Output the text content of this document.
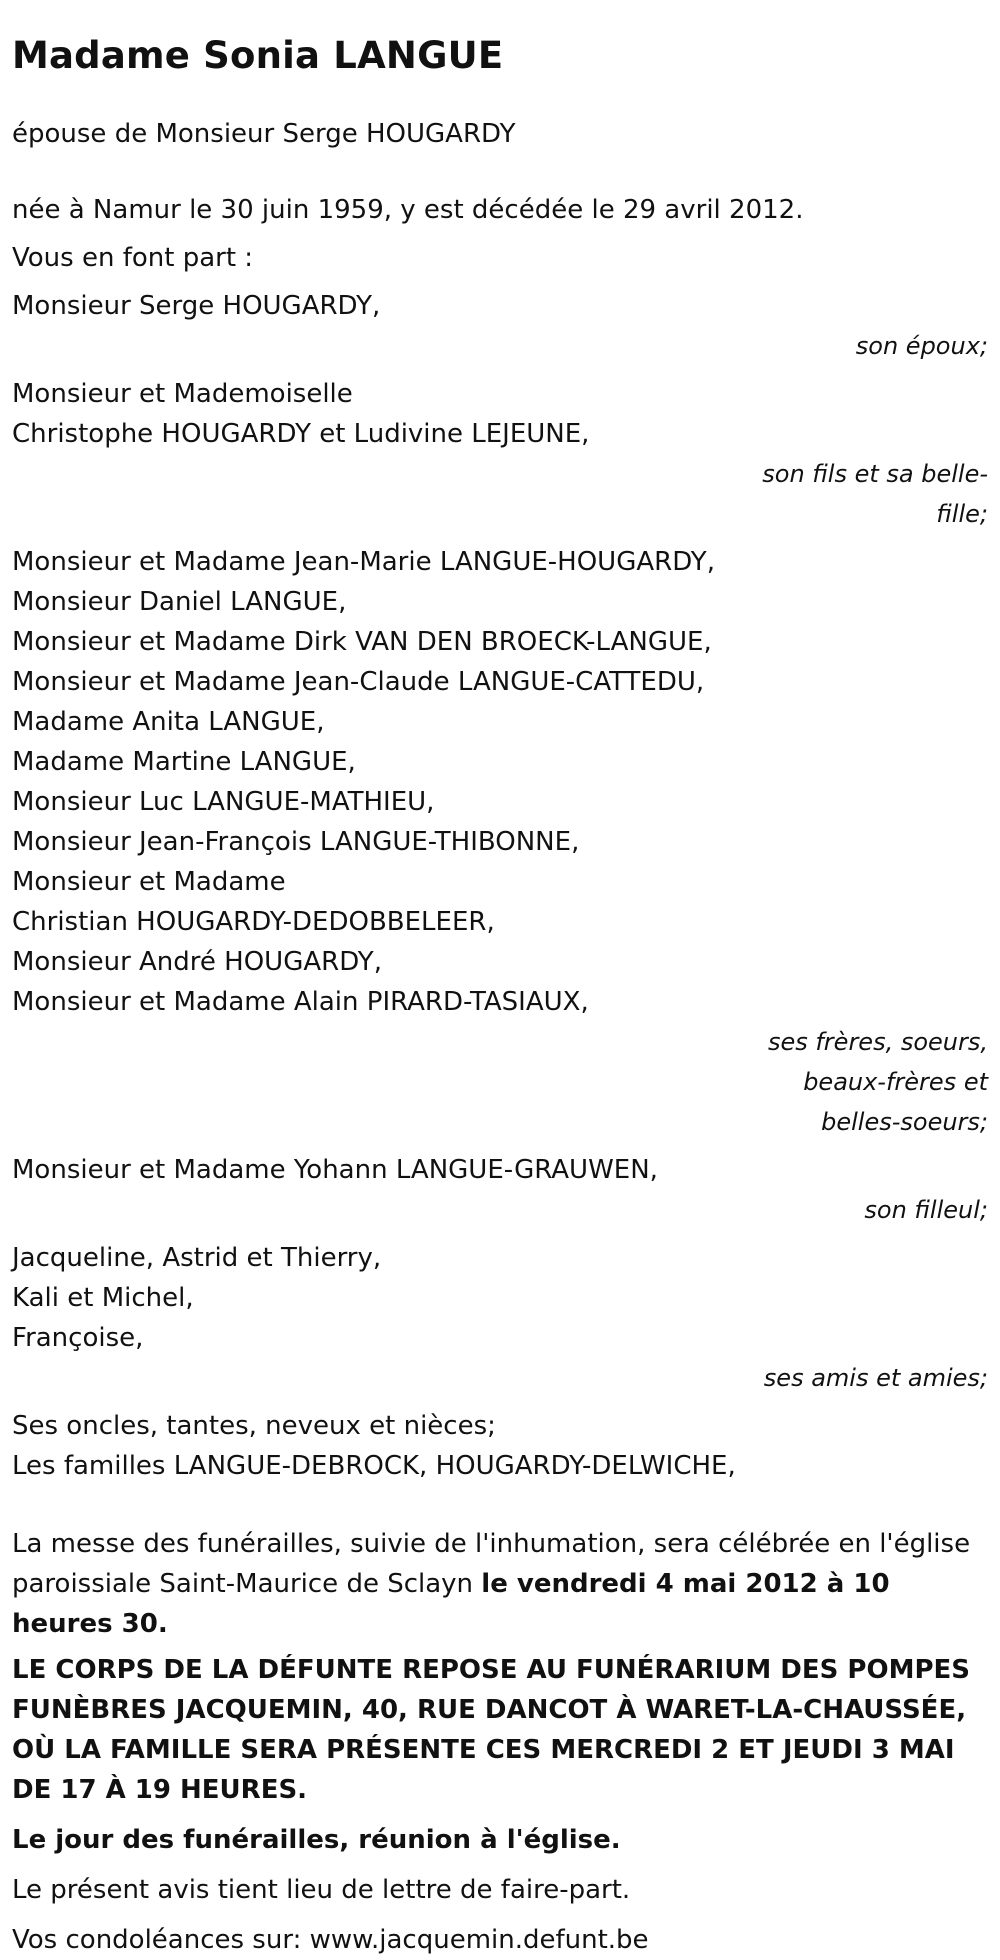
Madame Sonia LANGUE

épouse de Monsieur Serge HOUGARDY

née à Namur le 30 juin 1959, y est décédée le 29 avril 2012.

Vous en font part :

Monsieur Serge HOUGARDY,

son époux;

Monsieur et Mademoiselle

Christophe HOUGARDY et Ludivine LEJEUNE,

son fils et sa belle-fille;

Monsieur et Madame Jean-Marie LANGUE-HOUGARDY,

Monsieur Daniel LANGUE,

Monsieur et Madame Dirk VAN DEN BROECK-LANGUE,

Monsieur et Madame Jean-Claude LANGUE-CATTEDU,

Madame Anita LANGUE,

Madame Martine LANGUE,

Monsieur Luc LANGUE-MATHIEU,

Monsieur Jean-François LANGUE-THIBONNE,

Monsieur et Madame

Christian HOUGARDY-DEDOBBELEER,

Monsieur André HOUGARDY,

Monsieur et Madame Alain PIRARD-TASIAUX,

ses frères, soeurs, beaux-frères et belles-soeurs;

Monsieur et Madame Yohann LANGUE-GRAUWEN,

son filleul;

Jacqueline, Astrid et Thierry,

Kali et Michel,

Françoise,

ses amis et amies;

Ses oncles, tantes, neveux et nièces;

Les familles LANGUE-DEBROCK, HOUGARDY-DELWICHE,

La messe des funérailles, suivie de l'inhumation, sera célébrée en l'église paroissiale Saint-Maurice de Sclayn le vendredi 4 mai 2012 à 10 heures 30.

LE CORPS DE LA DÉFUNTE REPOSE AU FUNÉRARIUM DES POMPES FUNÈBRES JACQUEMIN, 40, RUE DANCOT À WARET-LA-CHAUSSÉE, OÙ LA FAMILLE SERA PRÉSENTE CES MERCREDI 2 ET JEUDI 3 MAI DE 17 À 19 HEURES.

Le jour des funérailles, réunion à l'église.

Le présent avis tient lieu de lettre de faire-part.

Vos condoléances sur: www.jacquemin.defunt.be
